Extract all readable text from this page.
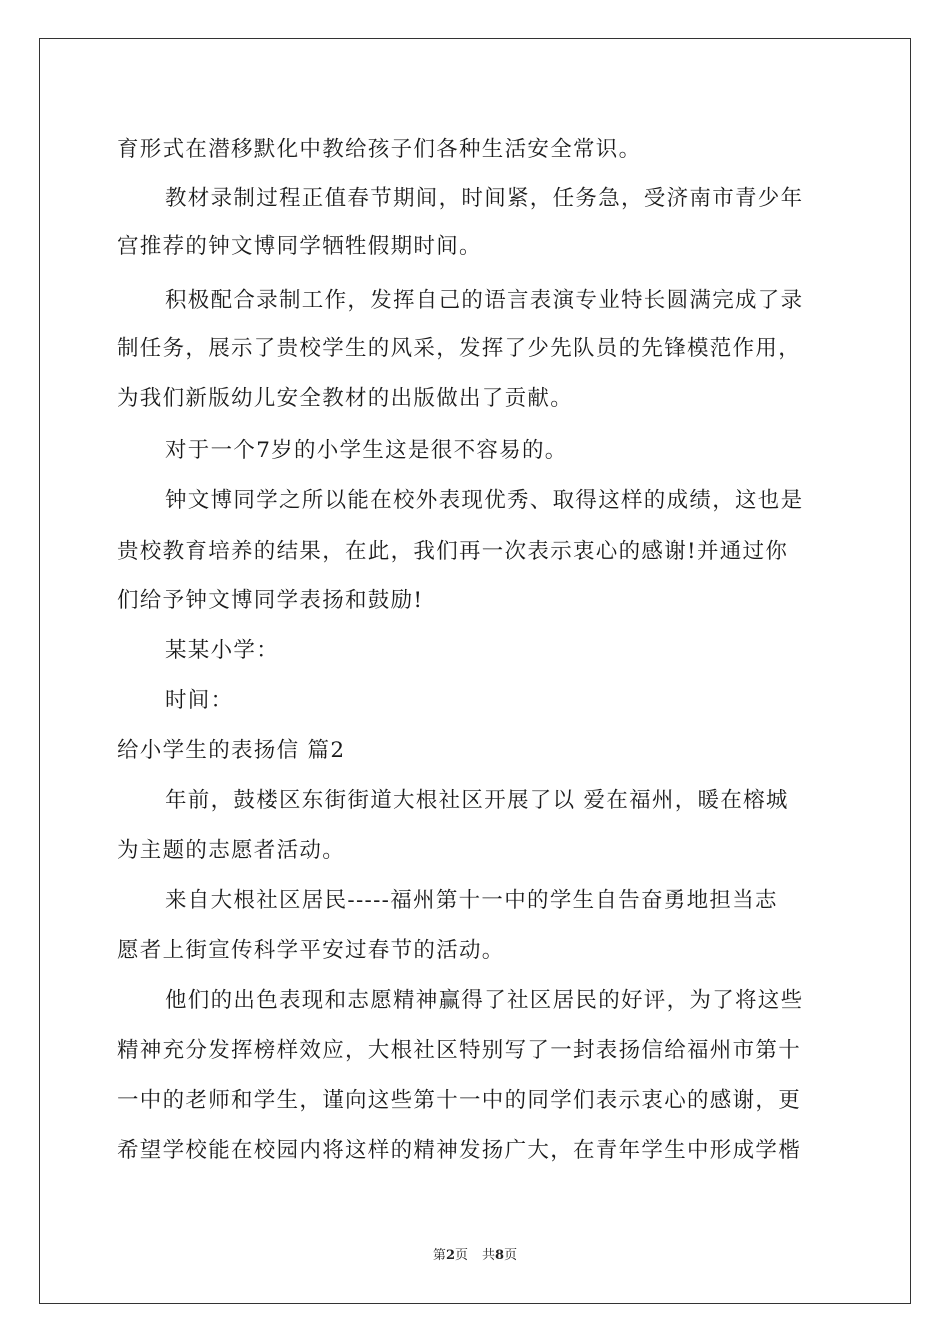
育形式在潜移默化中教给孩子们各种生活安全常识。
教材录制过程正值春节期间，时间紧，任务急，受济南市青少年
宫推荐的钟文博同学牺牲假期时间。
积极配合录制工作，发挥自己的语言表演专业特长圆满完成了录
制任务，展示了贵校学生的风采，发挥了少先队员的先锋模范作用，
为我们新版幼儿安全教材的出版做出了贡献。
对于一个7岁的小学生这是很不容易的。
钟文博同学之所以能在校外表现优秀、取得这样的成绩，这也是
贵校教育培养的结果，在此，我们再一次表示衷心的感谢!并通过你
们给予钟文博同学表扬和鼓励!
某某小学：
时间：
给小学生的表扬信 篇2
年前，鼓楼区东街街道大根社区开展了以 爱在福州，暖在榕城
为主题的志愿者活动。
来自大根社区居民-----福州第十一中的学生自告奋勇地担当志
愿者上街宣传科学平安过春节的活动。
他们的出色表现和志愿精神赢得了社区居民的好评，为了将这些
精神充分发挥榜样效应，大根社区特别写了一封表扬信给福州市第十
一中的老师和学生，谨向这些第十一中的同学们表示衷心的感谢，更
希望学校能在校园内将这样的精神发扬广大，在青年学生中形成学楷
第2页 共8页
